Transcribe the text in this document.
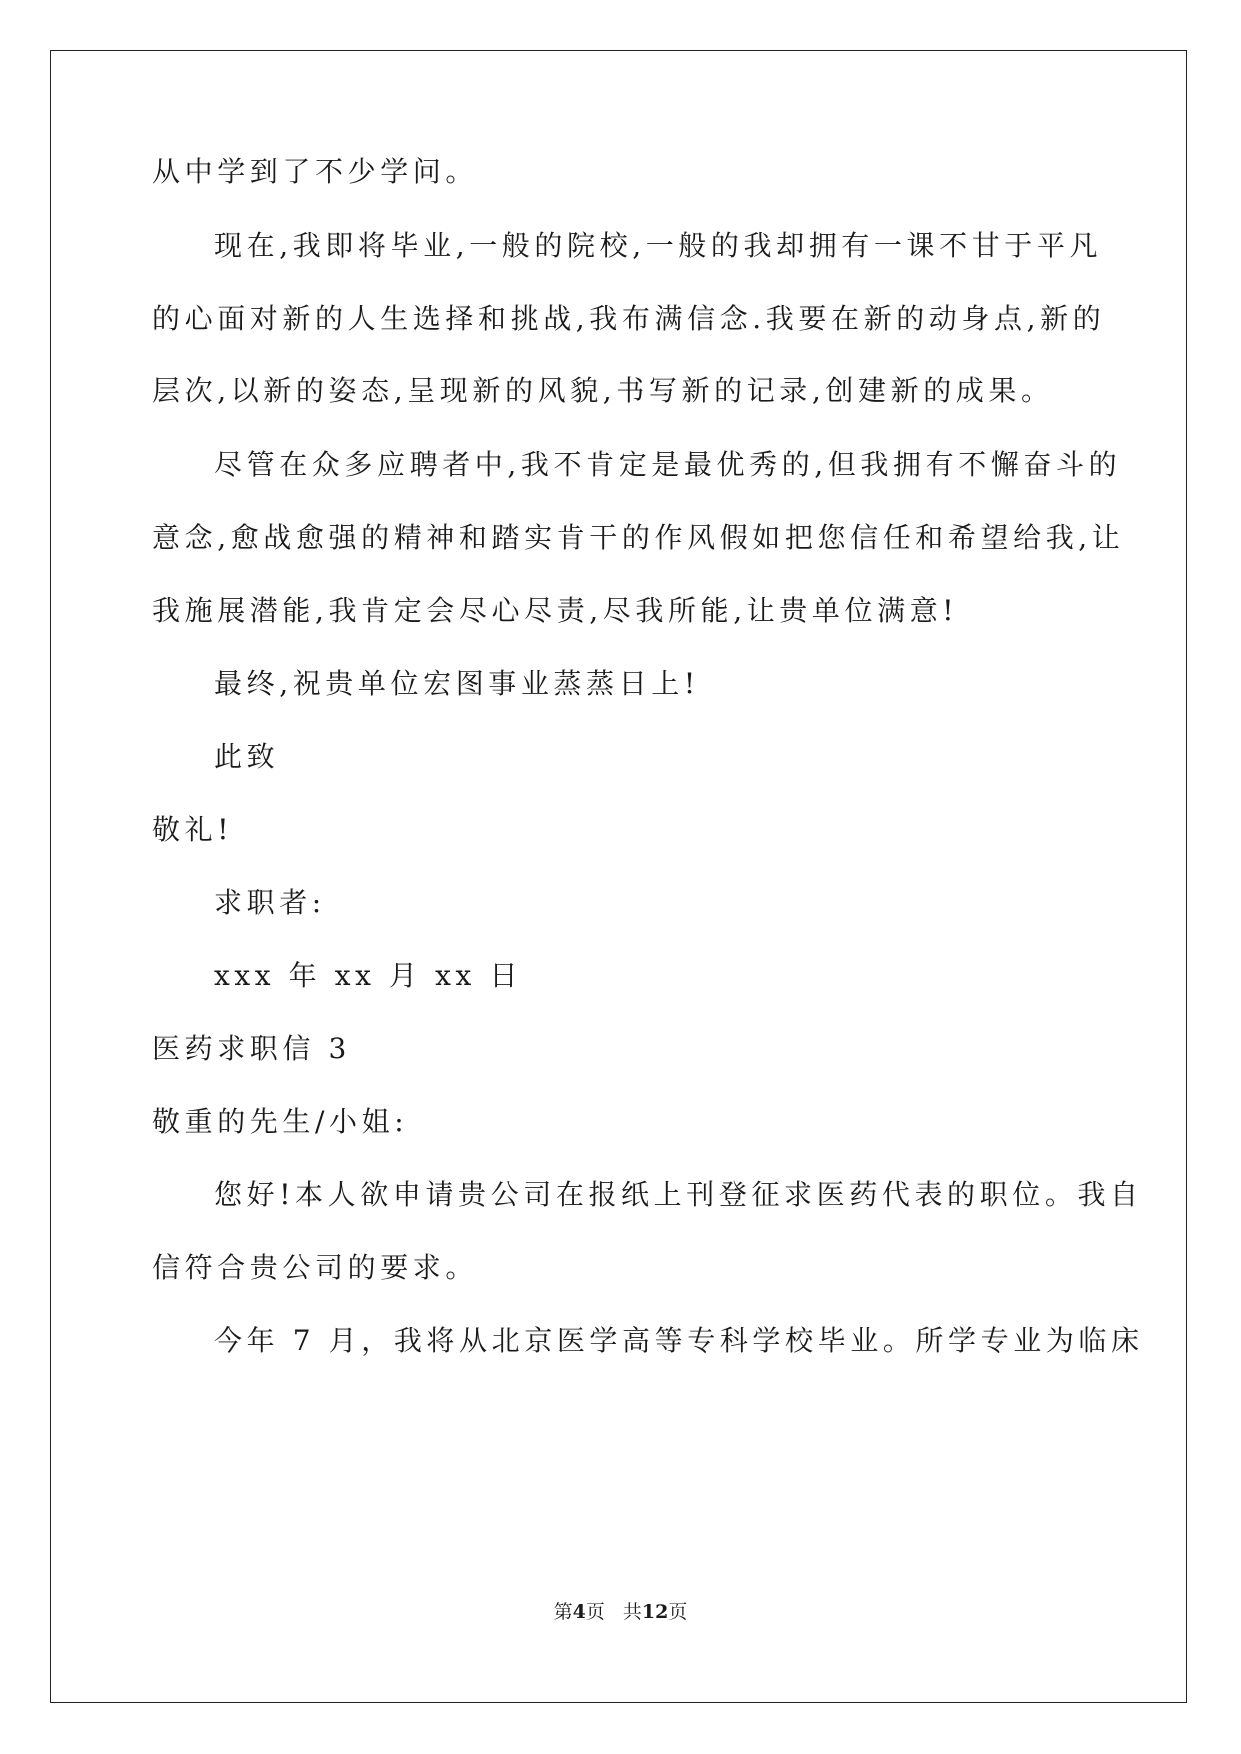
从中学到了不少学问。
现在,我即将毕业,一般的院校,一般的我却拥有一课不甘于平凡
的心面对新的人生选择和挑战,我布满信念.我要在新的动身点,新的
层次,以新的姿态,呈现新的风貌,书写新的记录,创建新的成果。
尽管在众多应聘者中,我不肯定是最优秀的,但我拥有不懈奋斗的
意念,愈战愈强的精神和踏实肯干的作风假如把您信任和希望给我,让
我施展潜能,我肯定会尽心尽责,尽我所能,让贵单位满意!
最终,祝贵单位宏图事业蒸蒸日上!
此致
敬礼!
求职者:
xxx 年 xx 月 xx 日
医药求职信 3
敬重的先生/小姐:
您好!本人欲申请贵公司在报纸上刊登征求医药代表的职位。我自
信符合贵公司的要求。
今年 7 月，我将从北京医学高等专科学校毕业。所学专业为临床
第4页 共12页
